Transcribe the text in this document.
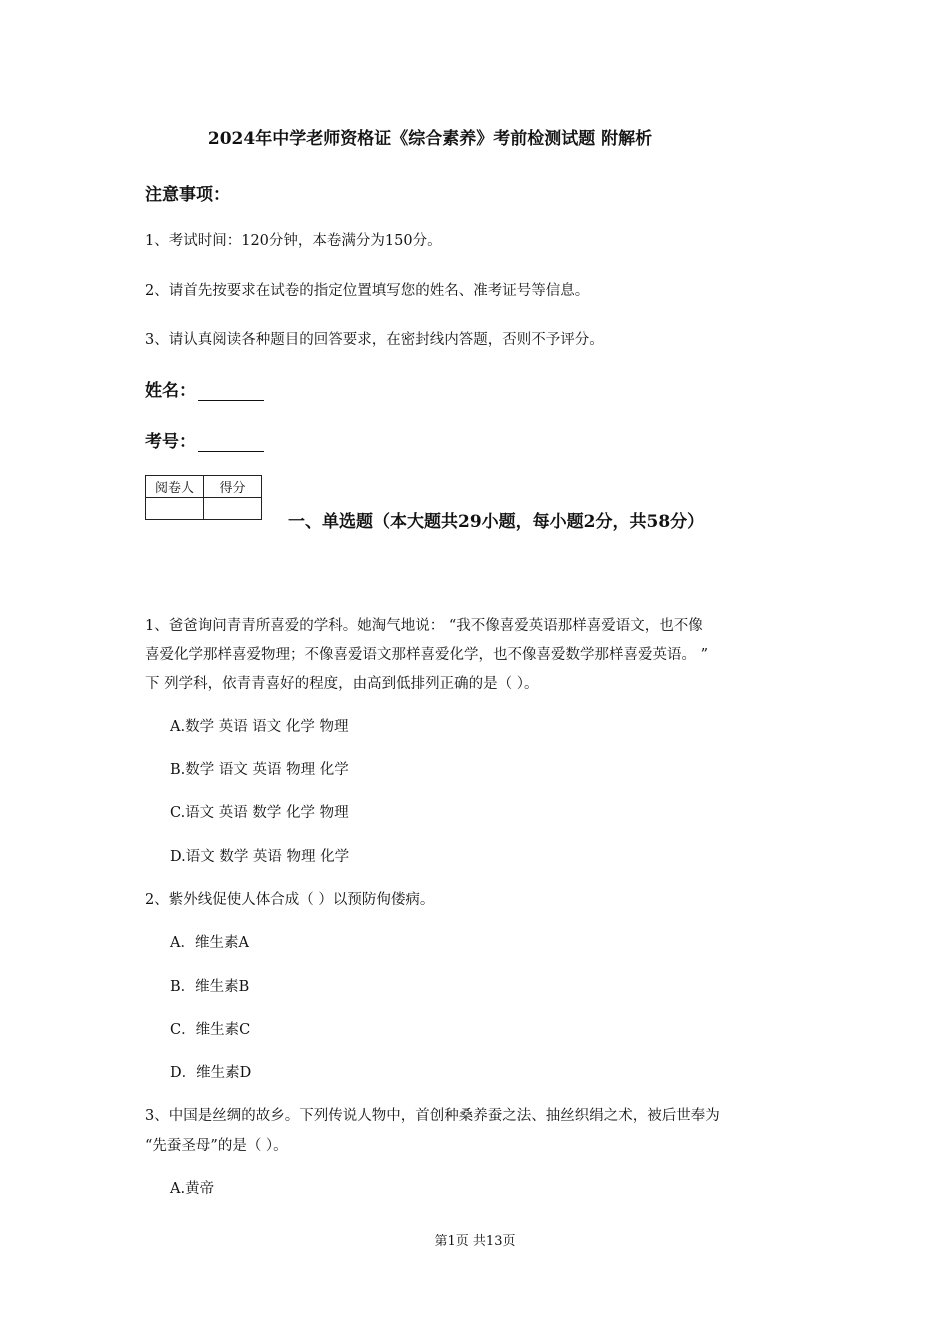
2024年中学老师资格证《综合素养》考前检测试题 附解析
注意事项：
1、考试时间：120分钟，本卷满分为150分。
2、请首先按要求在试卷的指定位置填写您的姓名、准考证号等信息。
3、请认真阅读各种题目的回答要求，在密封线内答题，否则不予评分。
姓名：
考号：
阅卷人	得分

一、单选题（本大题共29小题，每小题2分，共58分）
1、爸爸询问青青所喜爱的学科。她淘气地说： “我不像喜爱英语那样喜爱语文，也不像
喜爱化学那样喜爱物理；不像喜爱语文那样喜爱化学，也不像喜爱数学那样喜爱英语。 ”
下 列学科，依青青喜好的程度，由高到低排列正确的是（ ）。
A.数学 英语 语文 化学 物理
B.数学 语文 英语 物理 化学
C.语文 英语 数学 化学 物理
D.语文 数学 英语 物理 化学
2、紫外线促使人体合成（ ）以预防佝偻病。
A．维生素A
B．维生素B
C．维生素C
D．维生素D
3、中国是丝绸的故乡。下列传说人物中，首创种桑养蚕之法、抽丝织绢之术，被后世奉为
“先蚕圣母”的是（ ）。
A.黄帝
第1页 共13页
